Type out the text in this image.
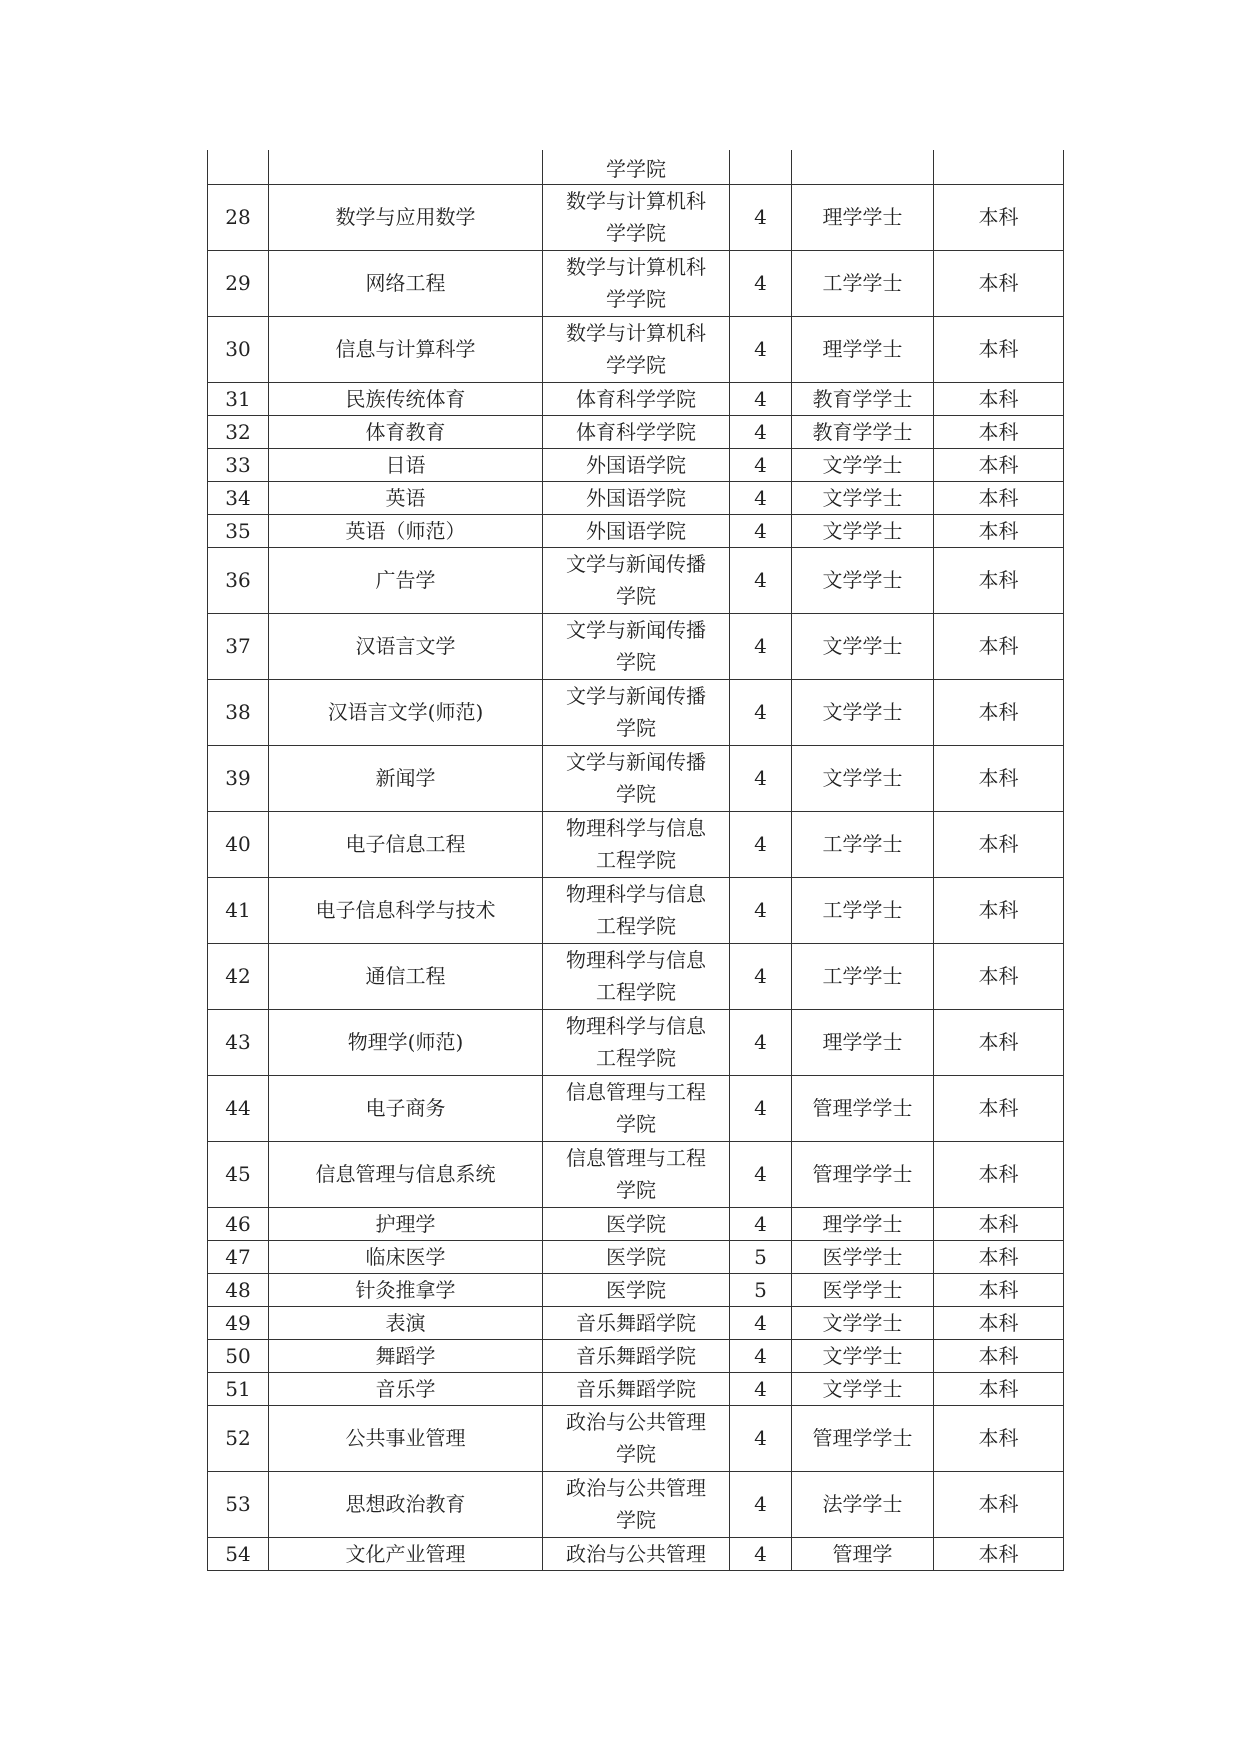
		学学院			
28	数学与应用数学	数学与计算机科
学学院	4	理学学士	本科
29	网络工程	数学与计算机科
学学院	4	工学学士	本科
30	信息与计算科学	数学与计算机科
学学院	4	理学学士	本科
31	民族传统体育	体育科学学院	4	教育学学士	本科
32	体育教育	体育科学学院	4	教育学学士	本科
33	日语	外国语学院	4	文学学士	本科
34	英语	外国语学院	4	文学学士	本科
35	英语（师范）	外国语学院	4	文学学士	本科
36	广告学	文学与新闻传播
学院	4	文学学士	本科
37	汉语言文学	文学与新闻传播
学院	4	文学学士	本科
38	汉语言文学(师范)	文学与新闻传播
学院	4	文学学士	本科
39	新闻学	文学与新闻传播
学院	4	文学学士	本科
40	电子信息工程	物理科学与信息
工程学院	4	工学学士	本科
41	电子信息科学与技术	物理科学与信息
工程学院	4	工学学士	本科
42	通信工程	物理科学与信息
工程学院	4	工学学士	本科
43	物理学(师范)	物理科学与信息
工程学院	4	理学学士	本科
44	电子商务	信息管理与工程
学院	4	管理学学士	本科
45	信息管理与信息系统	信息管理与工程
学院	4	管理学学士	本科
46	护理学	医学院	4	理学学士	本科
47	临床医学	医学院	5	医学学士	本科
48	针灸推拿学	医学院	5	医学学士	本科
49	表演	音乐舞蹈学院	4	文学学士	本科
50	舞蹈学	音乐舞蹈学院	4	文学学士	本科
51	音乐学	音乐舞蹈学院	4	文学学士	本科
52	公共事业管理	政治与公共管理
学院	4	管理学学士	本科
53	思想政治教育	政治与公共管理
学院	4	法学学士	本科
54	文化产业管理	政治与公共管理	4	管理学	本科
